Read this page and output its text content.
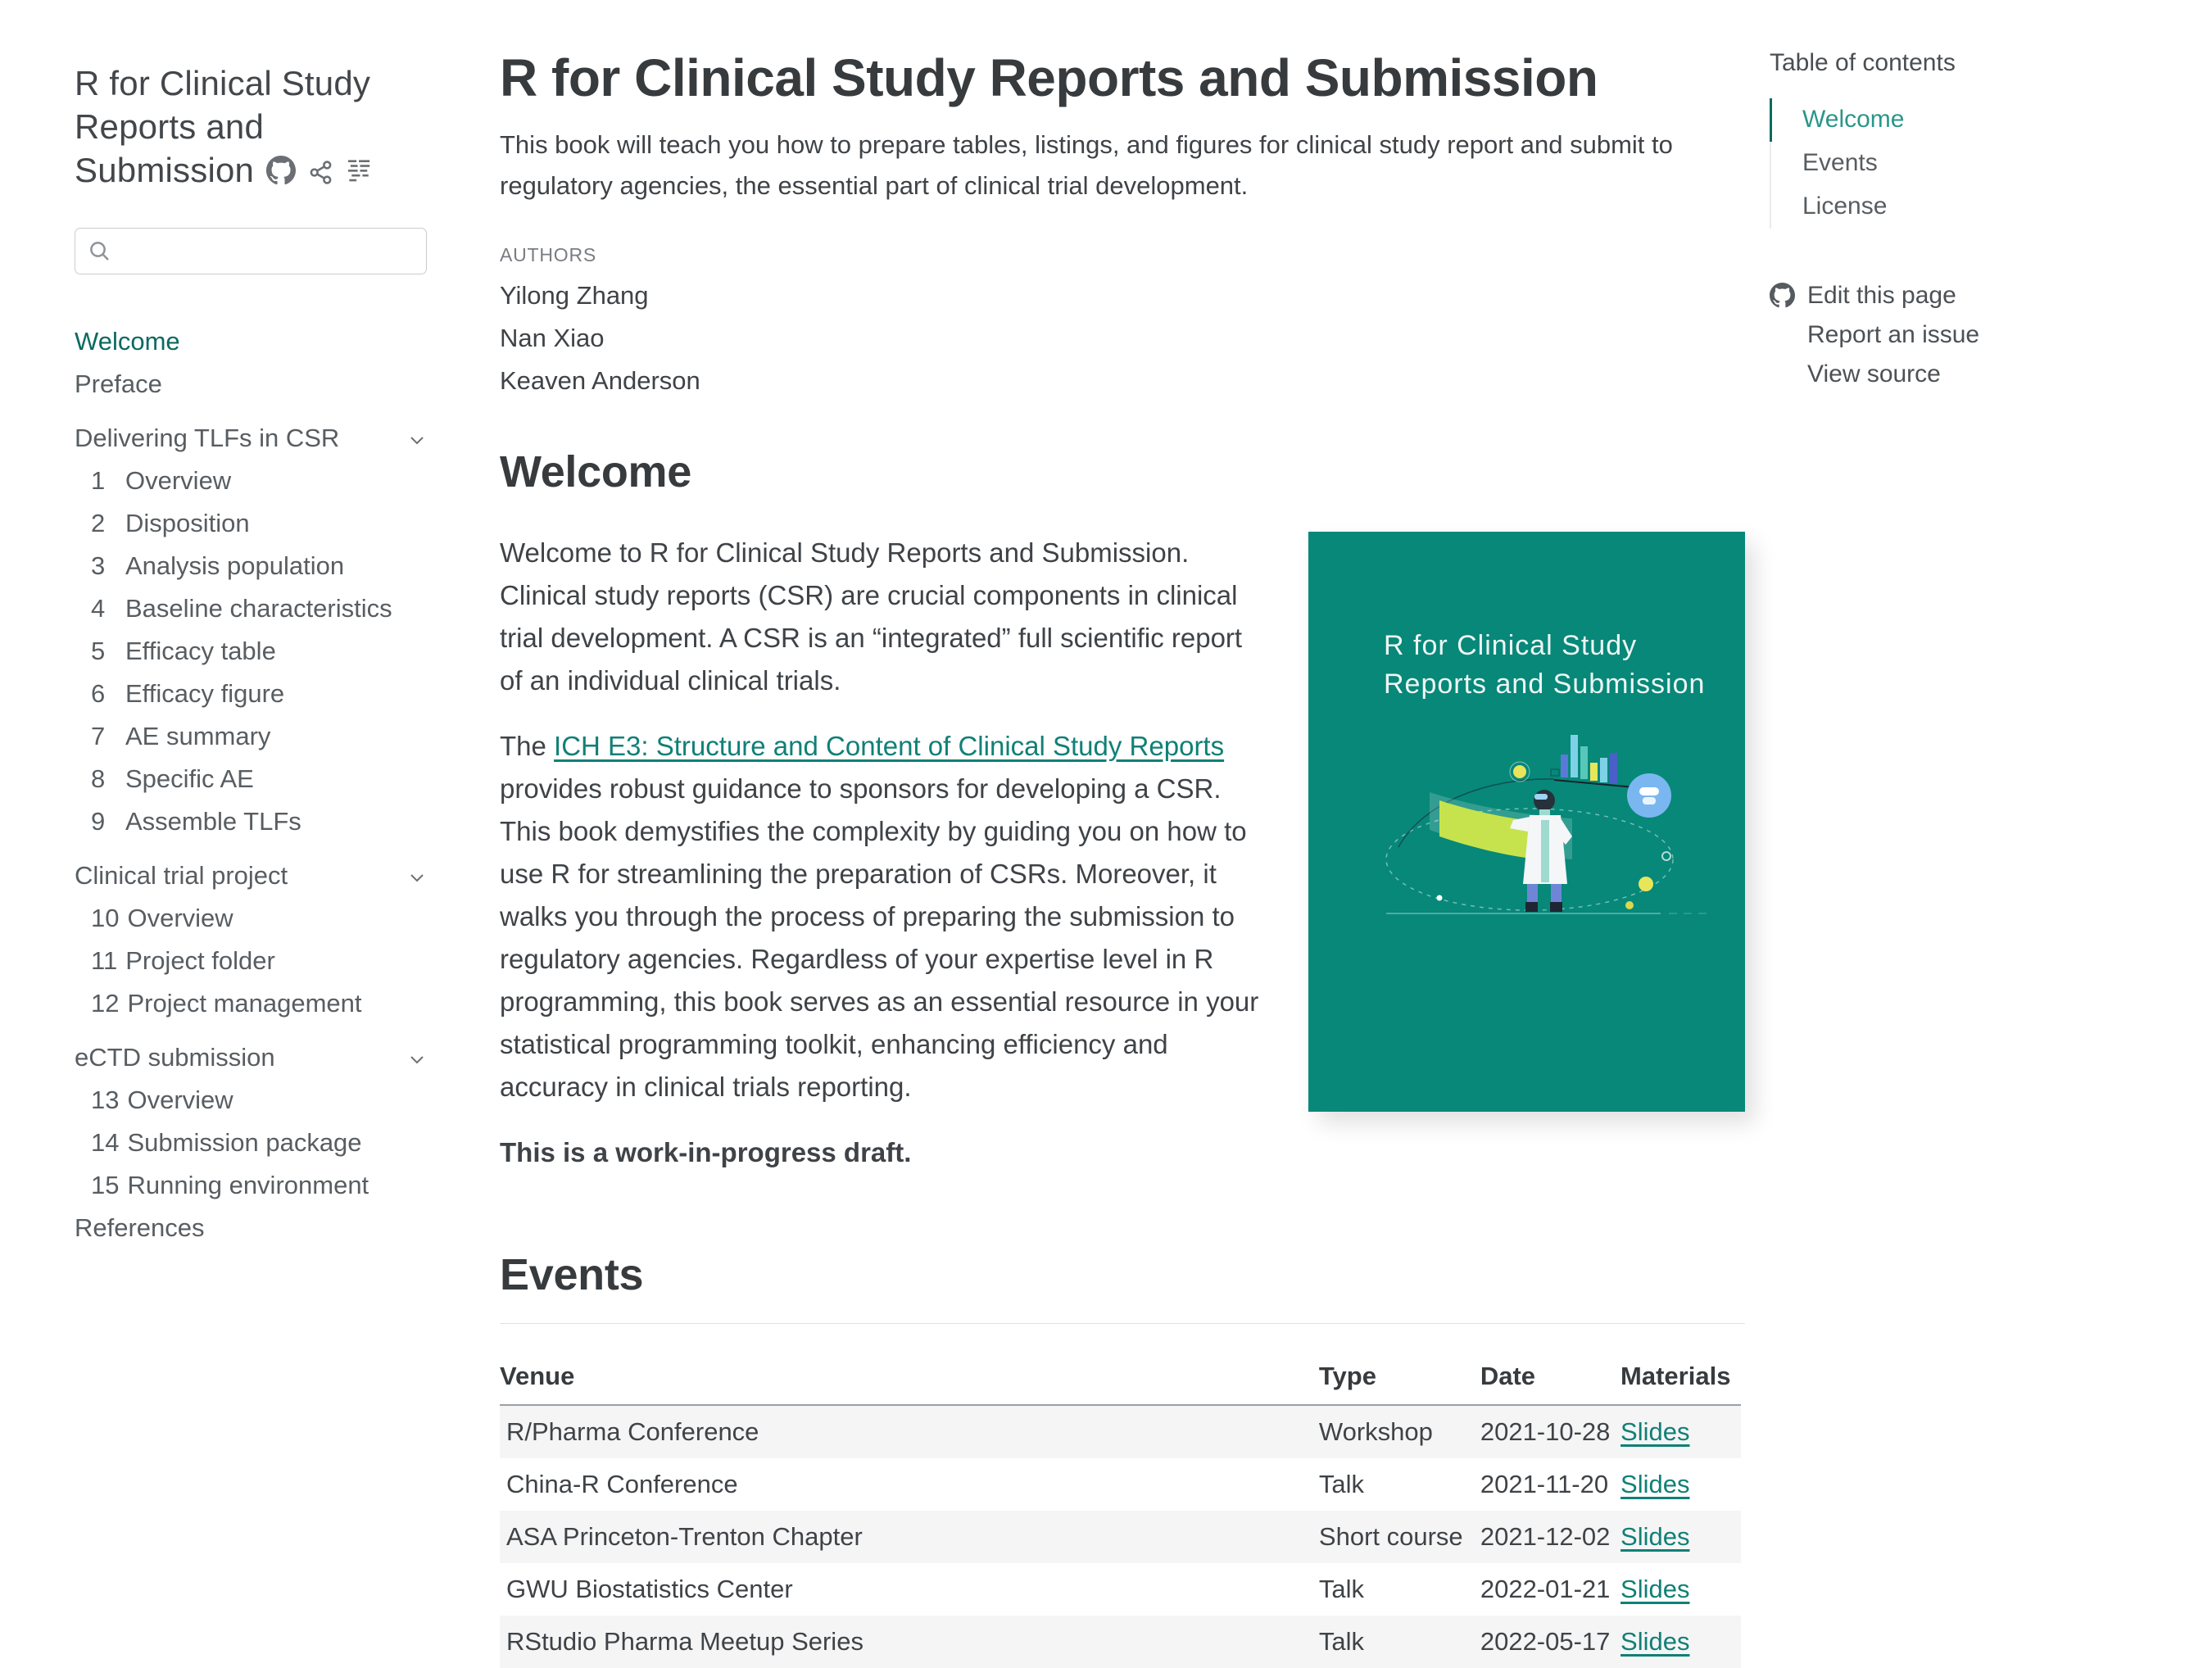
R for Clinical Study Reports and Submission
Welcome
Preface
Delivering TLFs in CSR
1 Overview
2 Disposition
3 Analysis population
4 Baseline characteristics
5 Efficacy table
6 Efficacy figure
7 AE summary
8 Specific AE
9 Assemble TLFs
Clinical trial project
10 Overview
11 Project folder
12 Project management
eCTD submission
13 Overview
14 Submission package
15 Running environment
References
R for Clinical Study Reports and Submission

This book will teach you how to prepare tables, listings, and figures for clinical study report and submit to regulatory agencies, the essential part of clinical trial development.

AUTHORS

Yilong Zhang

Nan Xiao

Keaven Anderson

Welcome

Welcome to R for Clinical Study Reports and Submission. Clinical study reports (CSR) are crucial components in clinical trial development. A CSR is an “integrated” full scientific report of an individual clinical trials.

The ICH E3: Structure and Content of Clinical Study Reports provides robust guidance to sponsors for developing a CSR. This book demystifies the complexity by guiding you on how to use R for streamlining the preparation of CSRs. Moreover, it walks you through the process of preparing the submission to regulatory agencies. Regardless of your expertise level in R programming, this book serves as an essential resource in your statistical programming toolkit, enhancing efficiency and accuracy in clinical trials reporting.

This is a work-in-progress draft.

R for Clinical Study
Reports and Submission
Events
Venue	Type	Date	Materials
R/Pharma Conference	Workshop	2021-10-28	Slides
China-R Conference	Talk	2021-11-20	Slides
ASA Princeton-Trenton Chapter	Short course	2021-12-02	Slides
GWU Biostatistics Center	Talk	2022-01-21	Slides
RStudio Pharma Meetup Series	Talk	2022-05-17	Slides
Table of contents
Welcome
Events
License
Edit this page
Report an issue
View source
